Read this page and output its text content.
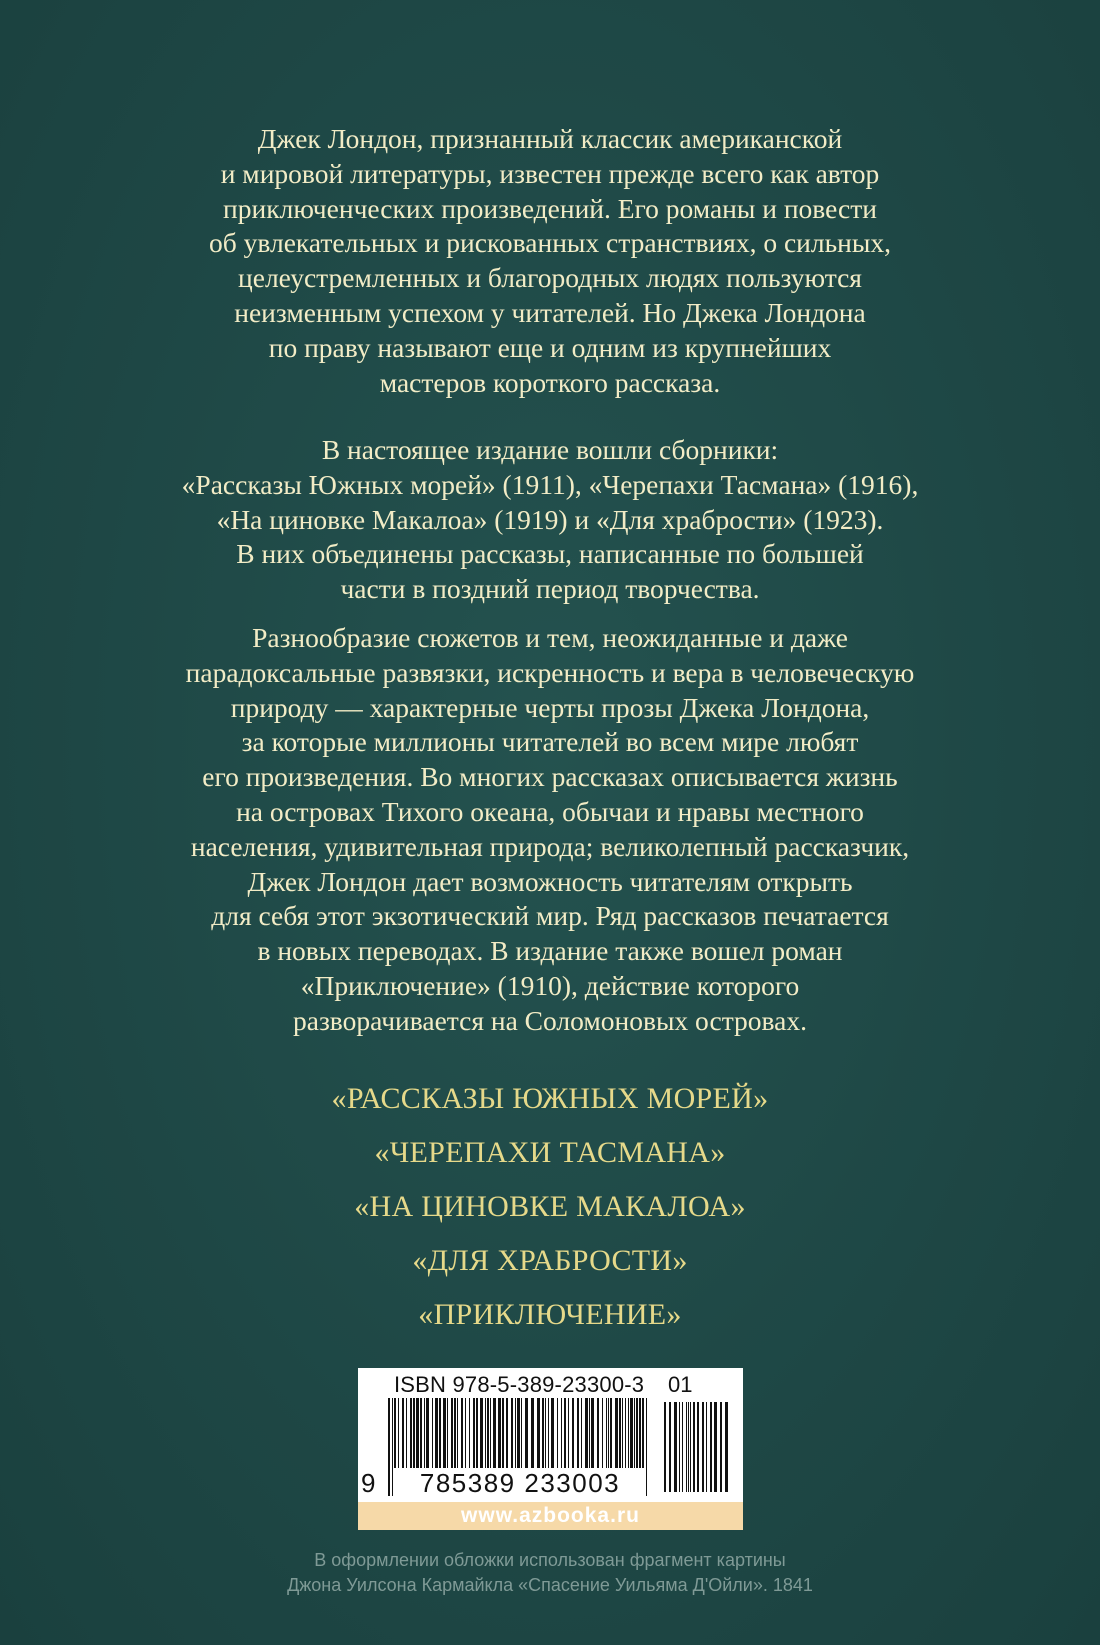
Джек Лондон, признанный классик американской
и мировой литературы, известен прежде всего как автор
приключенческих произведений. Его романы и повести
об увлекательных и рискованных странствиях, о сильных,
целеустремленных и благородных людях пользуются
неизменным успехом у читателей. Но Джека Лондона
по праву называют еще и одним из крупнейших
мастеров короткого рассказа.

В настоящее издание вошли сборники:
«Рассказы Южных морей» (1911), «Черепахи Тасмана» (1916),
«На циновке Макалоа» (1919) и «Для храбрости» (1923).
В них объединены рассказы, написанные по большей
части в поздний период творчества.

Разнообразие сюжетов и тем, неожиданные и даже
парадоксальные развязки, искренность и вера в человеческую
природу — характерные черты прозы Джека Лондона,
за которые миллионы читателей во всем мире любят
его произведения. Во многих рассказах описывается жизнь
на островах Тихого океана, обычаи и нравы местного
населения, удивительная природа; великолепный рассказчик,
Джек Лондон дает возможность читателям открыть
для себя этот экзотический мир. Ряд рассказов печатается
в новых переводах. В издание также вошел роман
«Приключение» (1910), действие которого
разворачивается на Соломоновых островах.

«РАССКАЗЫ ЮЖНЫХ МОРЕЙ»
«ЧЕРЕПАХИ ТАСМАНА»
«НА ЦИНОВКЕ МАКАЛОА»
«ДЛЯ ХРАБРОСТИ»
«ПРИКЛЮЧЕНИЕ»
ISBN 978-5-389-23300-3	01
9	785389 233003
www.azbooka.ru
В оформлении обложки использован фрагмент картины
Джона Уилсона Кармайкла «Спасение Уильяма Д'Ойли». 1841
